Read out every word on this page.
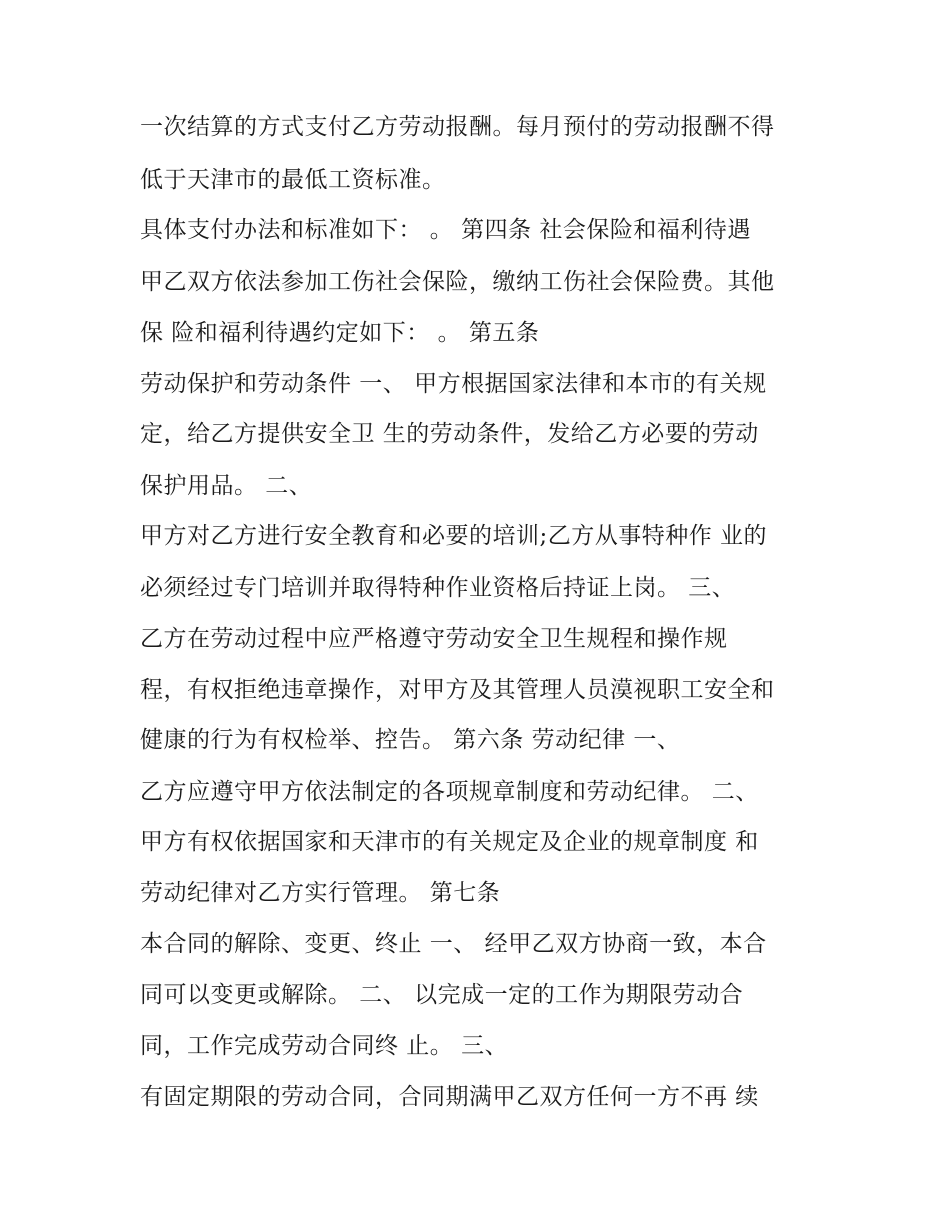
一次结算的方式支付乙方劳动报酬。每月预付的劳动报酬不得
低于天津市的最低工资标准。
具体支付办法和标准如下： 。 第四条 社会保险和福利待遇
甲乙双方依法参加工伤社会保险，缴纳工伤社会保险费。其他
保 险和福利待遇约定如下： 。 第五条
劳动保护和劳动条件 一、 甲方根据国家法律和本市的有关规
定，给乙方提供安全卫 生的劳动条件，发给乙方必要的劳动
保护用品。 二、
甲方对乙方进行安全教育和必要的培训;乙方从事特种作 业的
必须经过专门培训并取得特种作业资格后持证上岗。 三、
乙方在劳动过程中应严格遵守劳动安全卫生规程和操作规
程，有权拒绝违章操作，对甲方及其管理人员漠视职工安全和
健康的行为有权检举、控告。 第六条 劳动纪律 一、
乙方应遵守甲方依法制定的各项规章制度和劳动纪律。 二、
甲方有权依据国家和天津市的有关规定及企业的规章制度 和
劳动纪律对乙方实行管理。 第七条
本合同的解除、变更、终止 一、 经甲乙双方协商一致，本合
同可以变更或解除。 二、 以完成一定的工作为期限劳动合
同，工作完成劳动合同终 止。 三、
有固定期限的劳动合同，合同期满甲乙双方任何一方不再 续
